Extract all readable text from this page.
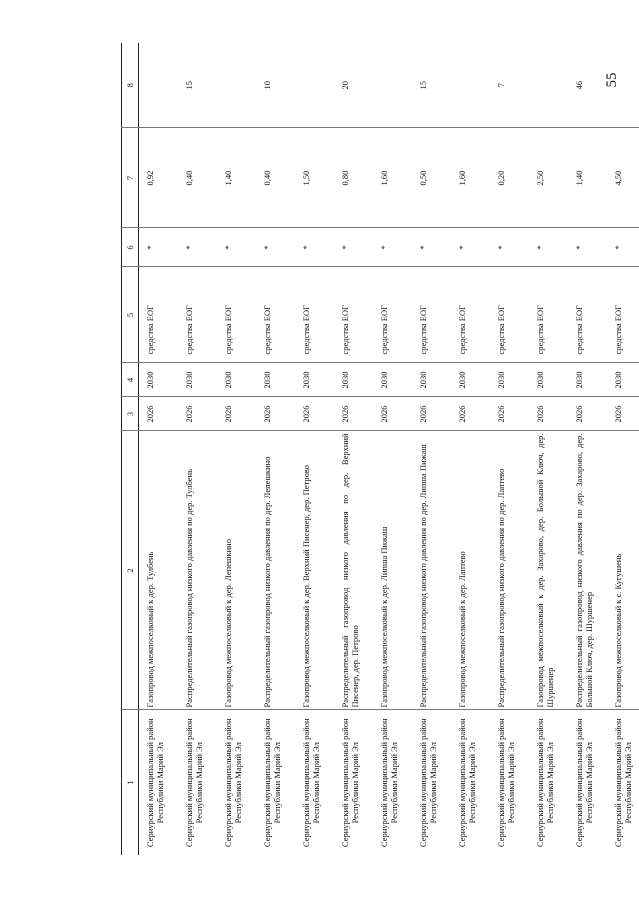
55
1	2	3	4	5	6	7	8
Сернурский муниципальный район Республики Марий Эл	Газопровод межпоселковый к дер. Тулбень	2026	2030	средства ЕОГ	*	0,92	
Сернурский муниципальный район Республики Марий Эл	Распределительный газопровод низкого давления по дер. Тулбень	2026	2030	средства ЕОГ	*	0,40	15
Сернурский муниципальный район Республики Марий Эл	Газопровод межпоселковый к дер. Лепешкино	2026	2030	средства ЕОГ	*	1,40	
Сернурский муниципальный район Республики Марий Эл	Распределительный газопровод низкого давления по дер. Лепешкино	2026	2030	средства ЕОГ	*	0,40	10
Сернурский муниципальный район Республики Марий Эл	Газопровод межпоселковый к дер. Верхний Писенер, дер. Петрово	2026	2030	средства ЕОГ	*	1,50	
Сернурский муниципальный район Республики Марий Эл	Распределительный газопровод низкого давления по дер. Верхний Писенер, дер. Петрово	2026	2030	средства ЕОГ	*	0,80	20
Сернурский муниципальный район Республики Марий Эл	Газопровод межпоселковый к дер. Липша Пижаш	2026	2030	средства ЕОГ	*	1,60	
Сернурский муниципальный район Республики Марий Эл	Распределительный газопровод низкого давления по дер. Липша Пижаш	2026	2030	средства ЕОГ	*	0,50	15
Сернурский муниципальный район Республики Марий Эл	Газопровод межпоселковый к дер. Лаптево	2026	2030	средства ЕОГ	*	1,60	
Сернурский муниципальный район Республики Марий Эл	Распределительный газопровод низкого давления по дер. Лаптево	2026	2030	средства ЕОГ	*	0,20	7
Сернурский муниципальный район Республики Марий Эл	Газопровод межпоселковый к дер. Захарово, дер. Большой Ключ, дер. Шуршенер	2026	2030	средства ЕОГ	*	2,50	
Сернурский муниципальный район Республики Марий Эл	Распределительный газопровод низкого давления по дер. Захарово, дер. Большой Ключ, дер. Шуршенер	2026	2030	средства ЕОГ	*	1,40	46
Сернурский муниципальный район Республики Марий Эл	Газопровод межпоселковый к с. Кугушень	2026	2030	средства ЕОГ	*	4,50	
